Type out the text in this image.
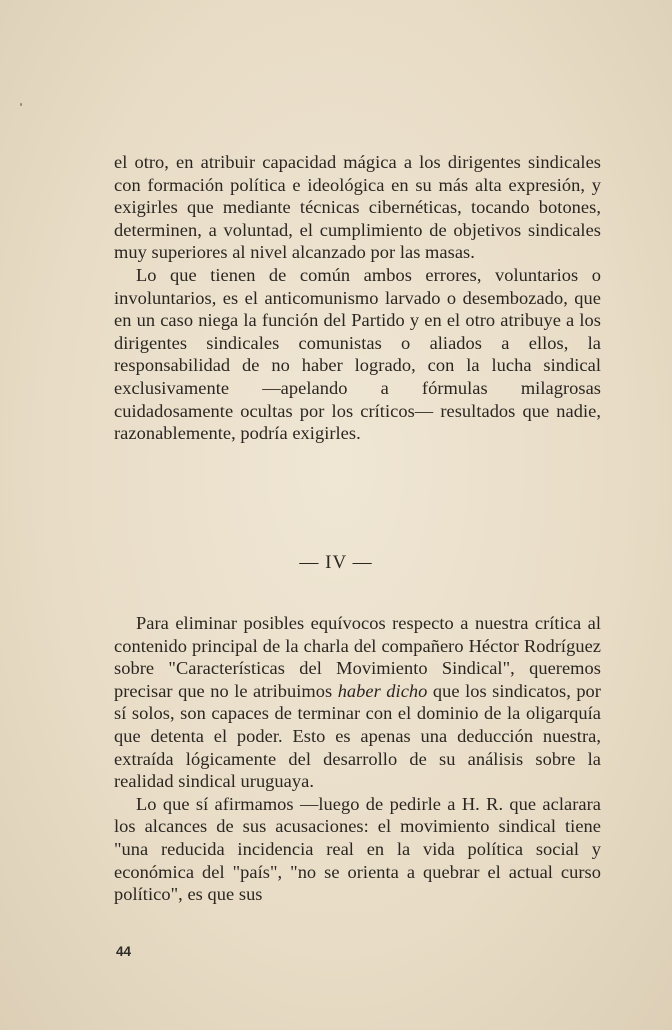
el otro, en atribuir capacidad mágica a los dirigentes sindicales con formación política e ideológica en su más alta expresión, y exigirles que mediante técnicas cibernéticas, tocando botones, determinen, a voluntad, el cumplimiento de objetivos sindicales muy superiores al nivel alcanzado por las masas.

Lo que tienen de común ambos errores, voluntarios o involuntarios, es el anticomunismo larvado o desembozado, que en un caso niega la función del Partido y en el otro atribuye a los dirigentes sindicales comunistas o aliados a ellos, la responsabilidad de no haber logrado, con la lucha sindical exclusivamente —apelando a fórmulas milagrosas cuidadosamente ocultas por los críticos— resultados que nadie, razonablemente, podría exigirles.

— IV —

Para eliminar posibles equívocos respecto a nuestra crítica al contenido principal de la charla del compañero Héctor Rodríguez sobre "Características del Movimiento Sindical", queremos precisar que no le atribuimos haber dicho que los sindicatos, por sí solos, son capaces de terminar con el dominio de la oligarquía que detenta el poder. Esto es apenas una deducción nuestra, extraída lógicamente del desarrollo de su análisis sobre la realidad sindical uruguaya.

Lo que sí afirmamos —luego de pedirle a H. R. que aclarara los alcances de sus acusaciones: el movimiento sindical tiene "una reducida incidencia real en la vida política social y económica del "país", "no se orienta a quebrar el actual curso político", es que sus

44
